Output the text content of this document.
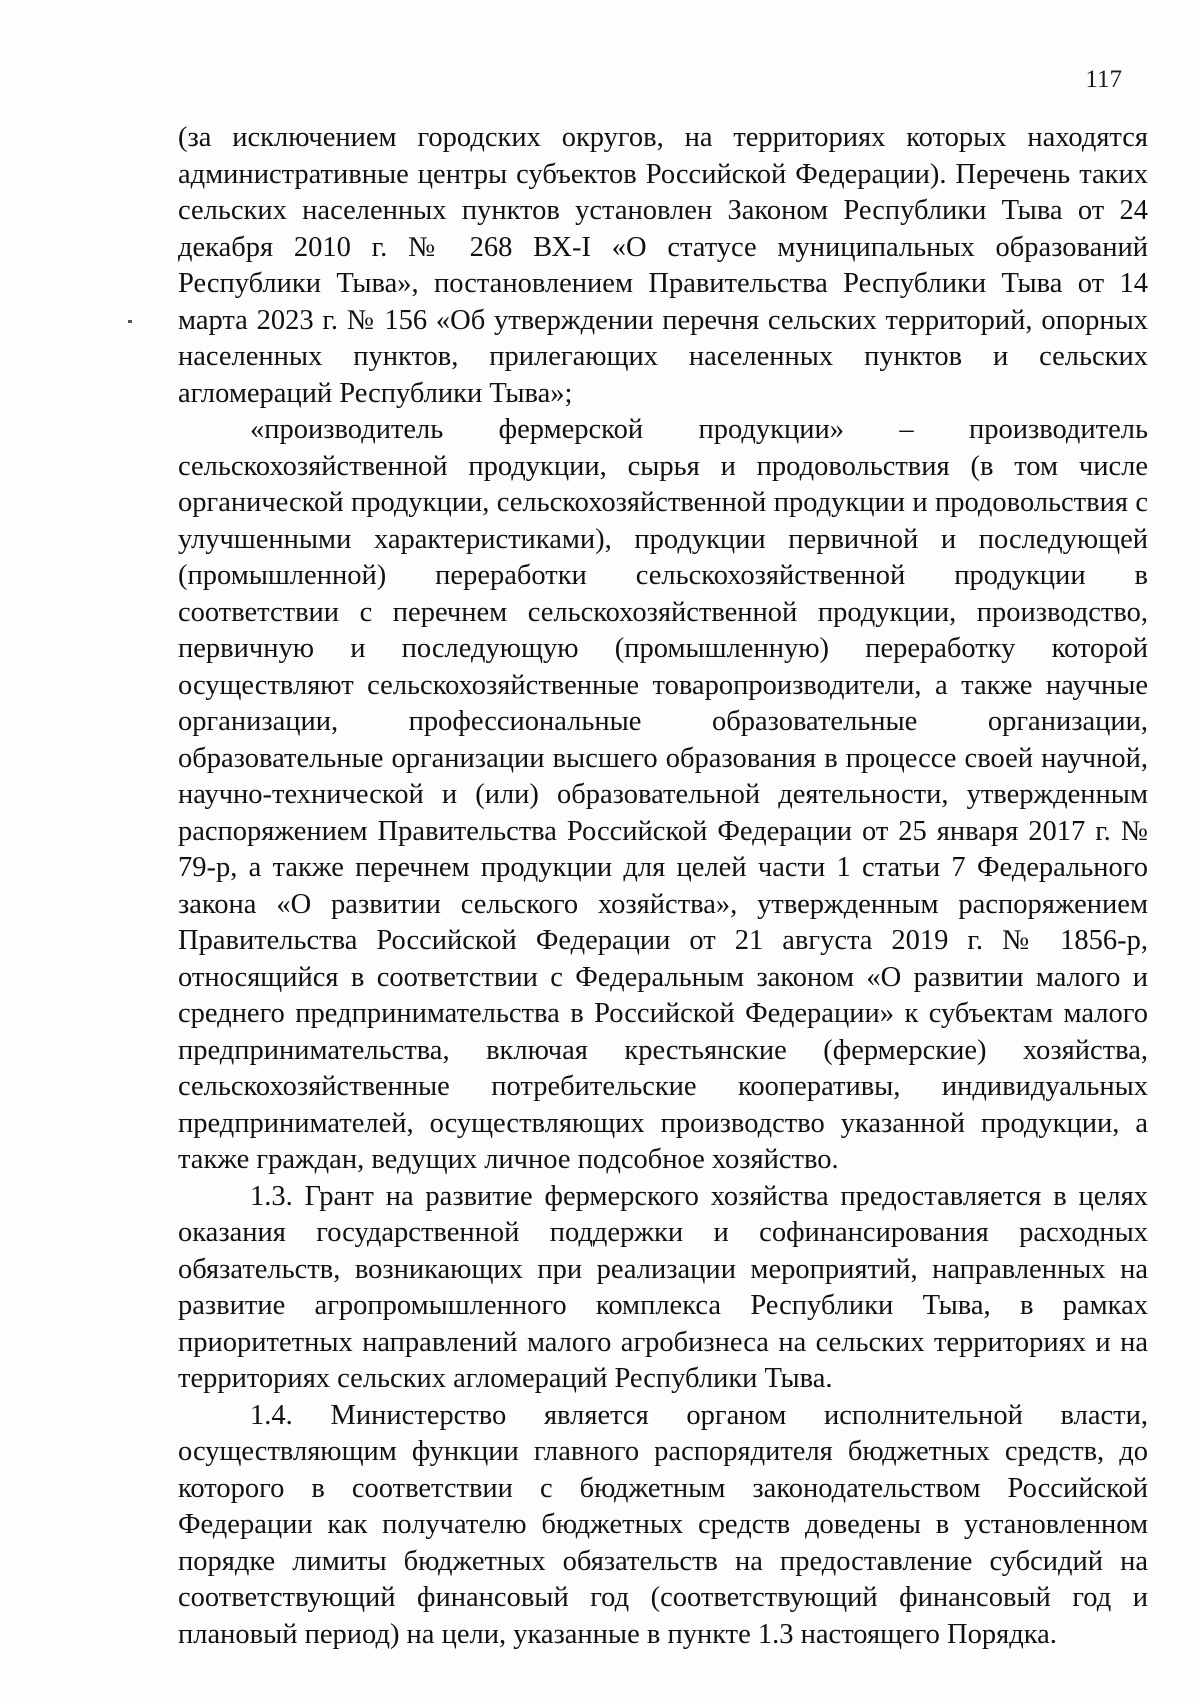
117

(за исключением городских округов, на территориях которых находятся административные центры субъектов Российской Федерации). Перечень таких сельских населенных пунктов установлен Законом Республики Тыва от 24 декабря 2010 г. № 268 ВХ-I «О статусе муниципальных образований Республики Тыва», постановлением Правительства Республики Тыва от 14 марта 2023 г. № 156 «Об утверждении перечня сельских территорий, опорных населенных пунктов, прилегающих населенных пунктов и сельских агломераций Республики Тыва»;

«производитель фермерской продукции» – производитель сельскохозяйственной продукции, сырья и продовольствия (в том числе органической продукции, сельскохозяйственной продукции и продовольствия с улучшенными характеристиками), продукции первичной и последующей (промышленной) переработки сельскохозяйственной продукции в соответствии с перечнем сельскохозяйственной продукции, производство, первичную и последующую (промышленную) переработку которой осуществляют сельскохозяйственные товаропроизводители, а также научные организации, профессиональные образовательные организации, образовательные организации высшего образования в процессе своей научной, научно-технической и (или) образовательной деятельности, утвержденным распоряжением Правительства Российской Федерации от 25 января 2017 г. № 79-р, а также перечнем продукции для целей части 1 статьи 7 Федерального закона «О развитии сельского хозяйства», утвержденным распоряжением Правительства Российской Федерации от 21 августа 2019 г. № 1856-р, относящийся в соответствии с Федеральным законом «О развитии малого и среднего предпринимательства в Российской Федерации» к субъектам малого предпринимательства, включая крестьянские (фермерские) хозяйства, сельскохозяйственные потребительские кооперативы, индивидуальных предпринимателей, осуществляющих производство указанной продукции, а также граждан, ведущих личное подсобное хозяйство.

1.3. Грант на развитие фермерского хозяйства предоставляется в целях оказания государственной поддержки и софинансирования расходных обязательств, возникающих при реализации мероприятий, направленных на развитие агропромышленного комплекса Республики Тыва, в рамках приоритетных направлений малого агробизнеса на сельских территориях и на территориях сельских агломераций Республики Тыва.

1.4. Министерство является органом исполнительной власти, осуществляющим функции главного распорядителя бюджетных средств, до которого в соответствии с бюджетным законодательством Российской Федерации как получателю бюджетных средств доведены в установленном порядке лимиты бюджетных обязательств на предоставление субсидий на соответствующий финансовый год (соответствующий финансовый год и плановый период) на цели, указанные в пункте 1.3 настоящего Порядка.
